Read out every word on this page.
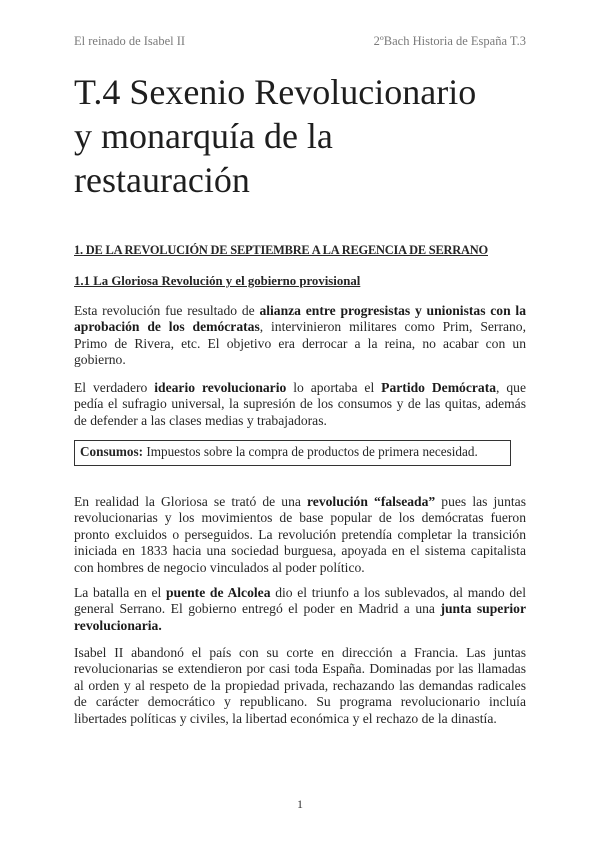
El reinado de Isabel II	2ºBach Historia de España T.3
T.4 Sexenio Revolucionario
y monarquía de la
restauración
1. DE LA REVOLUCIÓN DE SEPTIEMBRE A LA REGENCIA DE SERRANO
1.1 La Gloriosa Revolución y el gobierno provisional
Esta revolución fue resultado de alianza entre progresistas y unionistas con la aprobación de los demócratas, intervinieron militares como Prim, Serrano, Primo de Rivera, etc. El objetivo era derrocar a la reina, no acabar con un gobierno.
El verdadero ideario revolucionario lo aportaba el Partido Demócrata, que pedía el sufragio universal, la supresión de los consumos y de las quitas, además de defender a las clases medias y trabajadoras.
Consumos: Impuestos sobre la compra de productos de primera necesidad.
En realidad la Gloriosa se trató de una revolución “falseada” pues las juntas revolucionarias y los movimientos de base popular de los demócratas fueron pronto excluidos o perseguidos. La revolución pretendía completar la transición iniciada en 1833 hacia una sociedad burguesa, apoyada en el sistema capitalista con hombres de negocio vinculados al poder político.
La batalla en el puente de Alcolea dio el triunfo a los sublevados, al mando del general Serrano. El gobierno entregó el poder en Madrid a una junta superior revolucionaria.
Isabel II abandonó el país con su corte en dirección a Francia. Las juntas revolucionarias se extendieron por casi toda España. Dominadas por las llamadas al orden y al respeto de la propiedad privada, rechazando las demandas radicales de carácter democrático y republicano. Su programa revolucionario incluía libertades políticas y civiles, la libertad económica y el rechazo de la dinastía.
1
